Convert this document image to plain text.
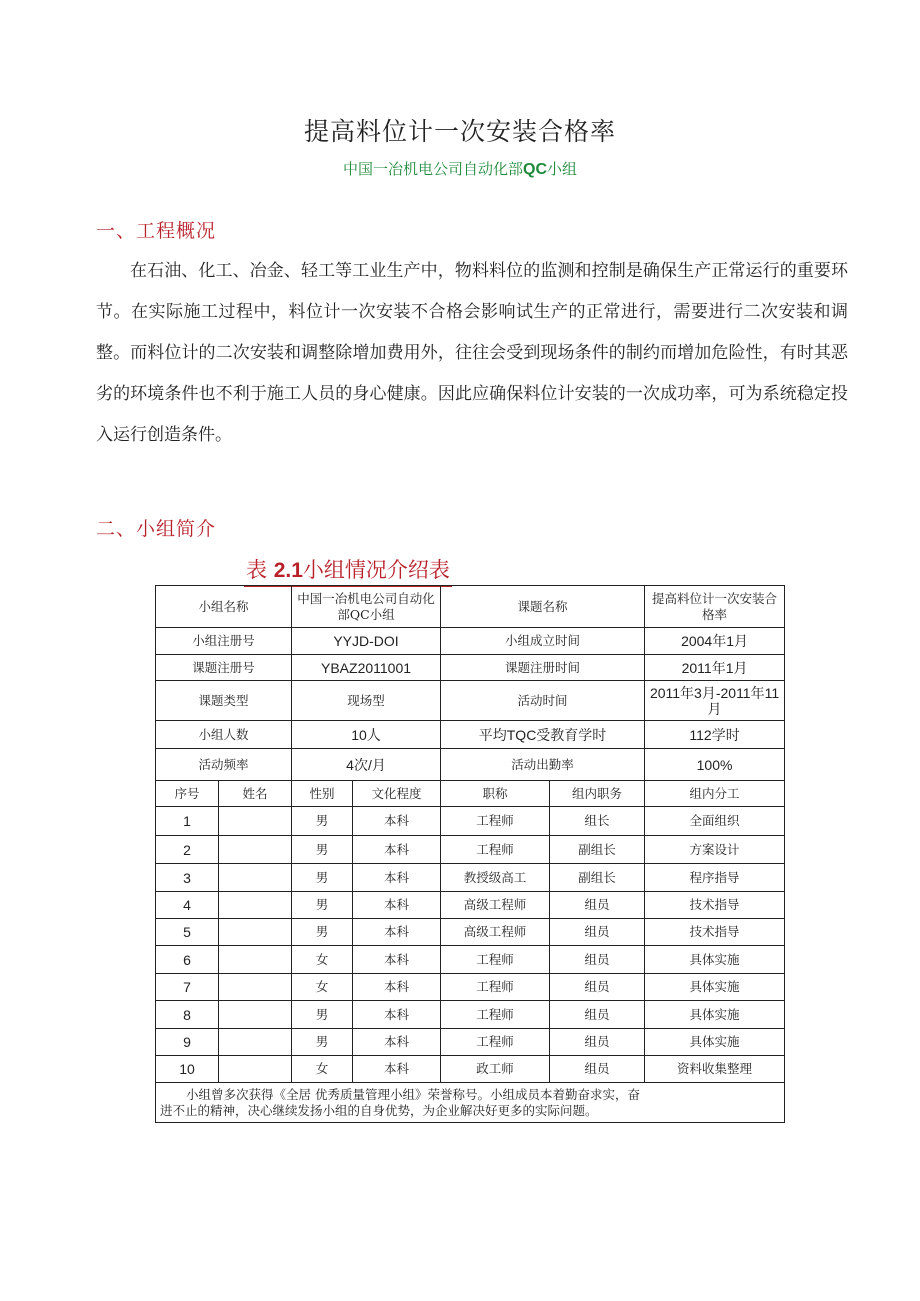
提高料位计一次安装合格率
中国一冶机电公司自动化部QC小组
一、工程概况

在石油、化工、冶金、轻工等工业生产中，物料料位的监测和控制是确保生产正常运行的重要环节。在实际施工过程中，料位计一次安装不合格会影响试生产的正常进行，需要进行二次安装和调整。而料位计的二次安装和调整除增加费用外，往往会受到现场条件的制约而增加危险性，有时其恶劣的环境条件也不利于施工人员的身心健康。因此应确保料位计安装的一次成功率，可为系统稳定投入运行创造条件。

二、小组简介
表 2.1小组情况介绍表
小组名称		中国一冶机电公司自动化部QC小组		课题名称		提高料位计一次安装合格率
小组注册号		YYJD-DOI		小组成立时间		2004年1月
课题注册号		YBAZ2011001		课题注册时间		2011年1月
课题类型		现场型		活动时间		2011年3月-2011年11月
小组人数		10人		平均TQC受教育学时		112学时
活动频率		4次/月		活动出勤率		100%
序号	姓名	性别	文化程度	职称	组内职务	组内分工
1		男	本科	工程师	组长	全面组织
2		男	本科	工程师	副组长	方案设计
3		男	本科	教授级高工	副组长	程序指导
4		男	本科	高级工程师	组员	技术指导
5		男	本科	高级工程师	组员	技术指导
6		女	本科	工程师	组员	具体实施
7		女	本科	工程师	组员	具体实施
8		男	本科	工程师	组员	具体实施
9		男	本科	工程师	组员	具体实施
10		女	本科	政工师	组员	资料收集整理

小组曾多次获得《全居 优秀质量管理小组》荣誉称号。小组成员本着勤奋求实，奋
进不止的精神，决心继续发扬小组的自身优势，为企业解决好更多的实际问题。						
